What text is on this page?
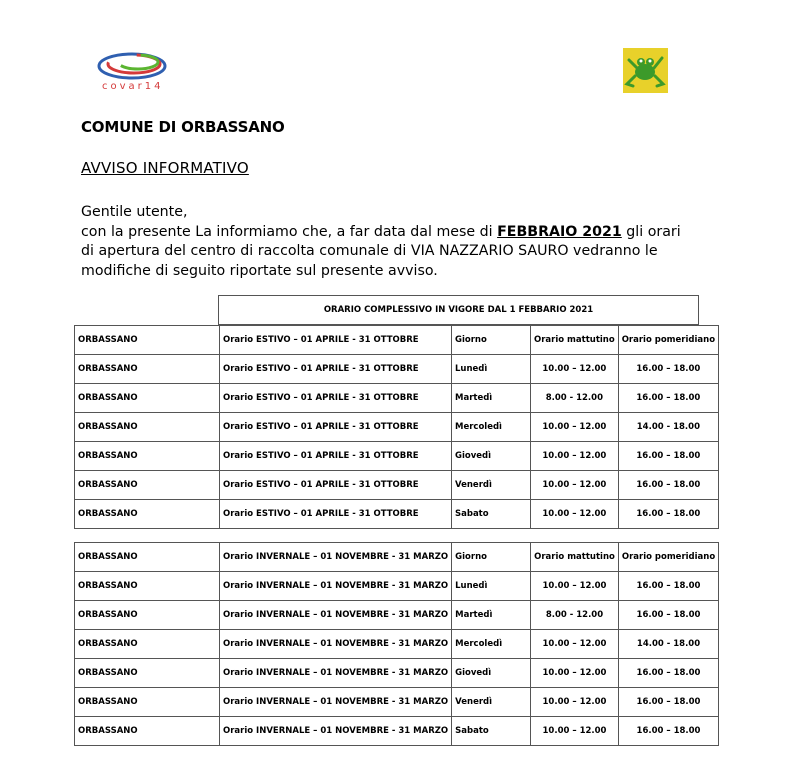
covar14
COMUNE DI ORBASSANO
AVVISO INFORMATIVO

Gentile utente,

con la presente La informiamo che, a far data dal mese di FEBBRAIO 2021 gli orari

di apertura del centro di raccolta comunale di VIA NAZZARIO SAURO vedranno le

modifiche di seguito riportate sul presente avviso.

ORARIO COMPLESSIVO IN VIGORE DAL 1 FEBBARIO 2021
ORBASSANO	Orario ESTIVO – 01 APRILE - 31 OTTOBRE	Giorno	Orario mattutino	Orario pomeridiano
ORBASSANO	Orario ESTIVO – 01 APRILE - 31 OTTOBRE	Lunedì	10.00 – 12.00	16.00 – 18.00
ORBASSANO	Orario ESTIVO – 01 APRILE - 31 OTTOBRE	Martedì	8.00 - 12.00	16.00 – 18.00
ORBASSANO	Orario ESTIVO – 01 APRILE - 31 OTTOBRE	Mercoledì	10.00 – 12.00	14.00 - 18.00
ORBASSANO	Orario ESTIVO – 01 APRILE - 31 OTTOBRE	Giovedì	10.00 – 12.00	16.00 – 18.00
ORBASSANO	Orario ESTIVO – 01 APRILE - 31 OTTOBRE	Venerdì	10.00 – 12.00	16.00 – 18.00
ORBASSANO	Orario ESTIVO – 01 APRILE - 31 OTTOBRE	Sabato	10.00 – 12.00	16.00 – 18.00
ORBASSANO	Orario INVERNALE – 01 NOVEMBRE - 31 MARZO	Giorno	Orario mattutino	Orario pomeridiano
ORBASSANO	Orario INVERNALE – 01 NOVEMBRE - 31 MARZO	Lunedì	10.00 – 12.00	16.00 – 18.00
ORBASSANO	Orario INVERNALE – 01 NOVEMBRE - 31 MARZO	Martedì	8.00 - 12.00	16.00 – 18.00
ORBASSANO	Orario INVERNALE – 01 NOVEMBRE - 31 MARZO	Mercoledì	10.00 – 12.00	14.00 - 18.00
ORBASSANO	Orario INVERNALE – 01 NOVEMBRE - 31 MARZO	Giovedì	10.00 – 12.00	16.00 – 18.00
ORBASSANO	Orario INVERNALE – 01 NOVEMBRE - 31 MARZO	Venerdì	10.00 – 12.00	16.00 – 18.00
ORBASSANO	Orario INVERNALE – 01 NOVEMBRE - 31 MARZO	Sabato	10.00 – 12.00	16.00 – 18.00
